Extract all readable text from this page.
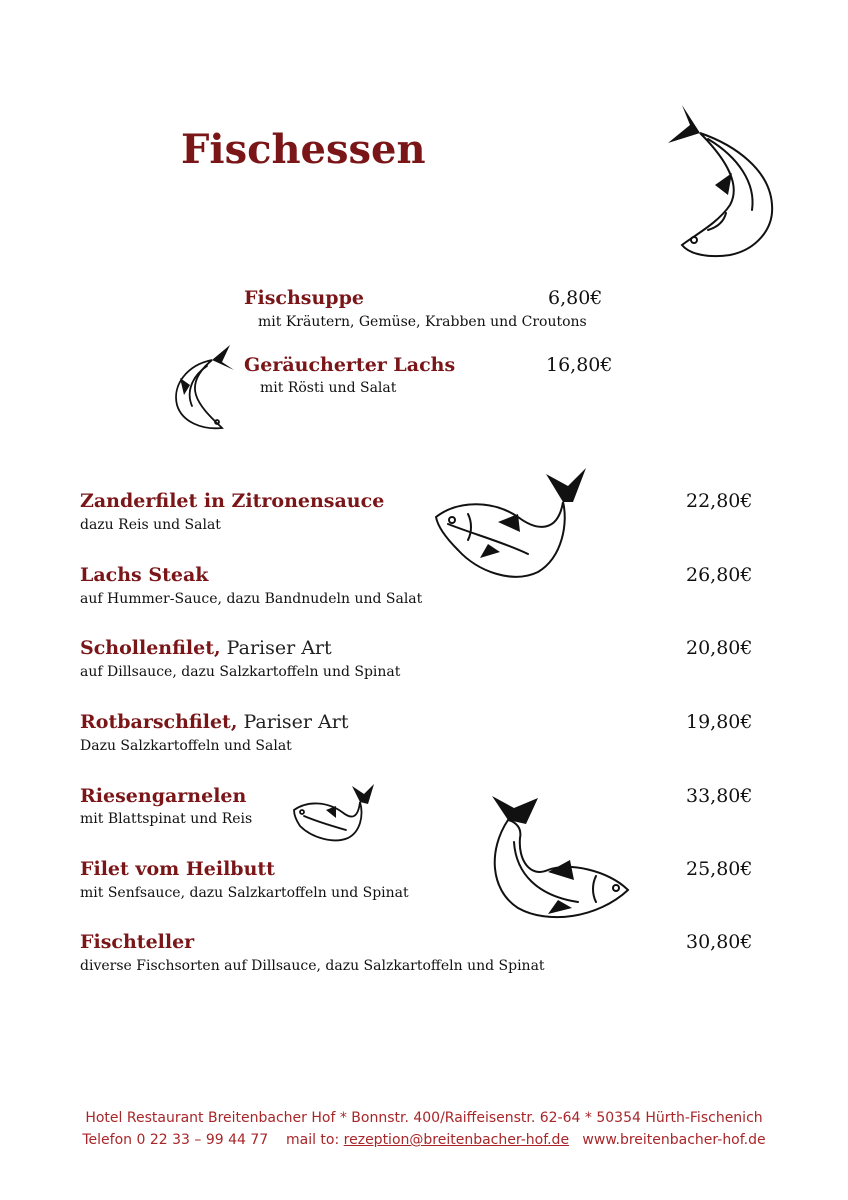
Fischessen
Fischsuppe	6,80€
mit Kräutern, Gemüse, Krabben und Croutons
Geräucherter Lachs	16,80€
mit Rösti und Salat
Zanderfilet in Zitronensauce
dazu Reis und Salat
22,80€
Lachs Steak
auf Hummer-Sauce, dazu Bandnudeln und Salat
26,80€
Schollenfilet, Pariser Art
auf Dillsauce, dazu Salzkartoffeln und Spinat
20,80€
Rotbarschfilet, Pariser Art
Dazu Salzkartoffeln und Salat
19,80€
Riesengarnelen
mit Blattspinat und Reis
33,80€
Filet vom Heilbutt
mit Senfsauce, dazu Salzkartoffeln und Spinat
25,80€
Fischteller
diverse Fischsorten auf Dillsauce, dazu Salzkartoffeln und Spinat
30,80€
Hotel Restaurant Breitenbacher Hof * Bonnstr. 400/Raiffeisenstr. 62-64 * 50354 Hürth-Fischenich
Telefon 0 22 33 – 99 44 77 mail to: rezeption@breitenbacher-hof.de www.breitenbacher-hof.de
